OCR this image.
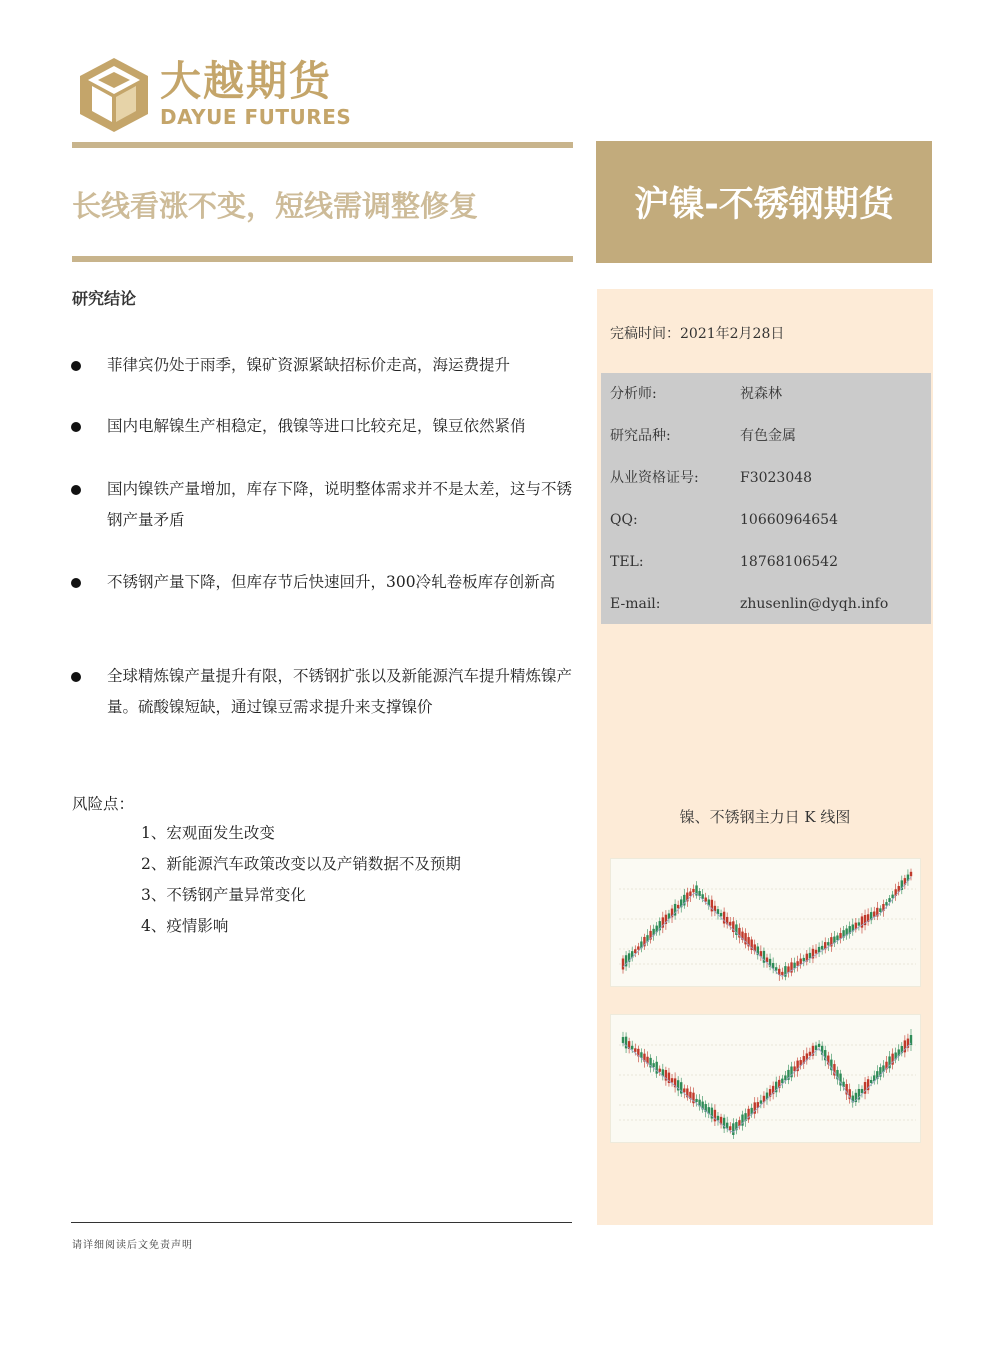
大越期货
DAYUE FUTURES
长线看涨不变，短线需调整修复	沪镍-不锈钢期货
完稿时间：2021年2月28日
分析师:	祝森林
研究品种:	有色金属
从业资格证号:	F3023048
QQ:	10660964654
TEL:	18768106542
E-mail:	zhusenlin@dyqh.info
镍、不锈钢主力日 K 线图
研究结论
菲律宾仍处于雨季，镍矿资源紧缺招标价走高，海运费提升
国内电解镍生产相稳定，俄镍等进口比较充足，镍豆依然紧俏
国内镍铁产量增加，库存下降，说明整体需求并不是太差，这与不锈钢产量矛盾
不锈钢产量下降，但库存节后快速回升，300冷轧卷板库存创新高
全球精炼镍产量提升有限，不锈钢扩张以及新能源汽车提升精炼镍产量。硫酸镍短缺，通过镍豆需求提升来支撑镍价
风险点：
1、宏观面发生改变
2、新能源汽车政策改变以及产销数据不及预期
3、不锈钢产量异常变化
4、疫情影响
请详细阅读后文免责声明
